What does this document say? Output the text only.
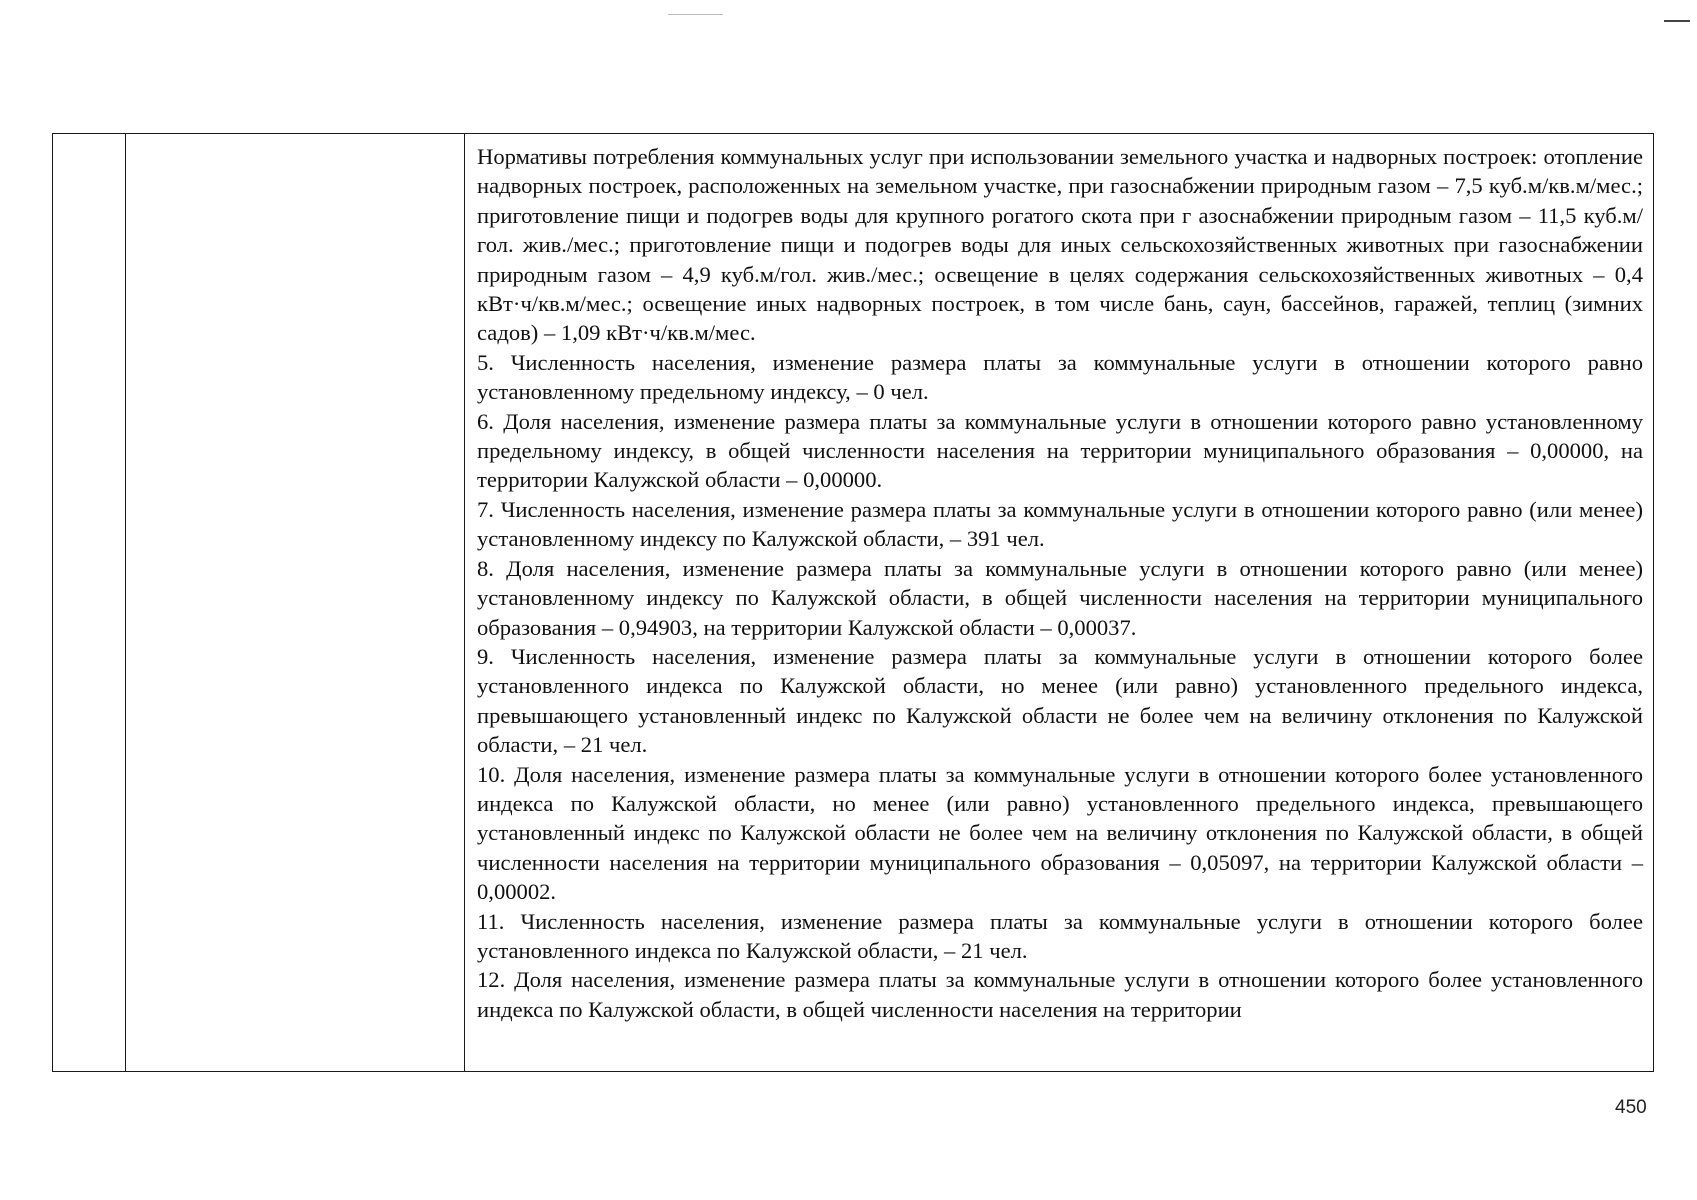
Нормативы потребления коммунальных услуг при использовании земельного участка и надворных построек: отопление надворных построек, расположенных на земельном участке, при газоснабжении природным газом – 7,5 куб.м/кв.м/мес.; приготовление пищи и подогрев воды для крупного рогатого скота при г азоснабжении природным газом – 11,5 куб.м/гол. жив./мес.; приготовление пищи и подогрев воды для иных сельскохозяйственных животных при газоснабжении природным газом – 4,9 куб.м/гол. жив./мес.; освещение в целях содержания сельскохозяйственных животных – 0,4 кВт·ч/кв.м/мес.; освещение иных надворных построек, в том числе бань, саун, бассейнов, гаражей, теплиц (зимних садов) – 1,09 кВт·ч/кв.м/мес.

5. Численность населения, изменение размера платы за коммунальные услуги в отношении которого равно установленному предельному индексу, – 0 чел.

6. Доля населения, изменение размера платы за коммунальные услуги в отношении которого равно установленному предельному индексу, в общей численности населения на территории муниципального образования – 0,00000, на территории Калужской области – 0,00000.

7. Численность населения, изменение размера платы за коммунальные услуги в отношении которого равно (или менее) установленному индексу по Калужской области, – 391 чел.

8. Доля населения, изменение размера платы за коммунальные услуги в отношении которого равно (или менее) установленному индексу по Калужской области, в общей численности населения на территории муниципального образования – 0,94903, на территории Калужской области – 0,00037.

9. Численность населения, изменение размера платы за коммунальные услуги в отношении которого более установленного индекса по Калужской области, но менее (или равно) установленного предельного индекса, превышающего установленный индекс по Калужской области не более чем на величину отклонения по Калужской области, – 21 чел.

10. Доля населения, изменение размера платы за коммунальные услуги в отношении которого более установленного индекса по Калужской области, но менее (или равно) установленного предельного индекса, превышающего установленный индекс по Калужской области не более чем на величину отклонения по Калужской области, в общей численности населения на территории муниципального образования – 0,05097, на территории Калужской области – 0,00002.

11. Численность населения, изменение размера платы за коммунальные услуги в отношении которого более установленного индекса по Калужской области, – 21 чел.

12. Доля населения, изменение размера платы за коммунальные услуги в отношении которого более установленного индекса по Калужской области, в общей численности населения на территории

450
